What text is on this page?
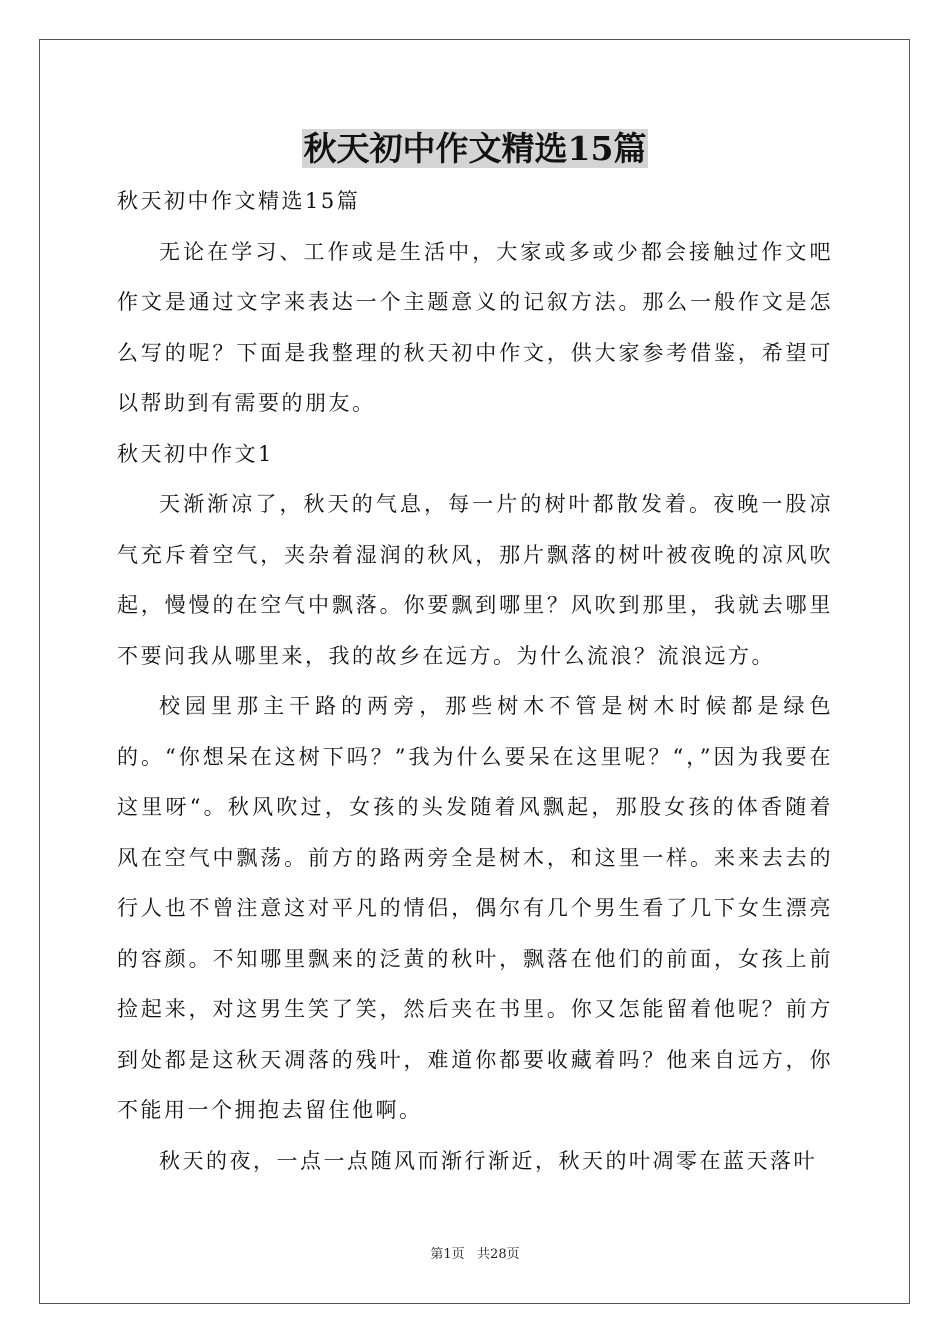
秋天初中作文精选15篇

秋天初中作文精选15篇

无论在学习、工作或是生活中，大家或多或少都会接触过作文吧作文是通过文字来表达一个主题意义的记叙方法。那么一般作文是怎么写的呢？下面是我整理的秋天初中作文，供大家参考借鉴，希望可以帮助到有需要的朋友。

秋天初中作文1

天渐渐凉了，秋天的气息，每一片的树叶都散发着。夜晚一股凉气充斥着空气，夹杂着湿润的秋风，那片飘落的树叶被夜晚的凉风吹起，慢慢的在空气中飘落。你要飘到哪里？风吹到那里，我就去哪里不要问我从哪里来，我的故乡在远方。为什么流浪？流浪远方。

校园里那主干路的两旁，那些树木不管是树木时候都是绿色的。“你想呆在这树下吗？”我为什么要呆在这里呢？“，”因为我要在这里呀“。秋风吹过，女孩的头发随着风飘起，那股女孩的体香随着风在空气中飘荡。前方的路两旁全是树木，和这里一样。来来去去的行人也不曾注意这对平凡的情侣，偶尔有几个男生看了几下女生漂亮的容颜。不知哪里飘来的泛黄的秋叶，飘落在他们的前面，女孩上前捡起来，对这男生笑了笑，然后夹在书里。你又怎能留着他呢？前方到处都是这秋天凋落的残叶，难道你都要收藏着吗？他来自远方，你不能用一个拥抱去留住他啊。

秋天的夜，一点一点随风而渐行渐近，秋天的叶凋零在蓝天落叶

第1页   共28页
